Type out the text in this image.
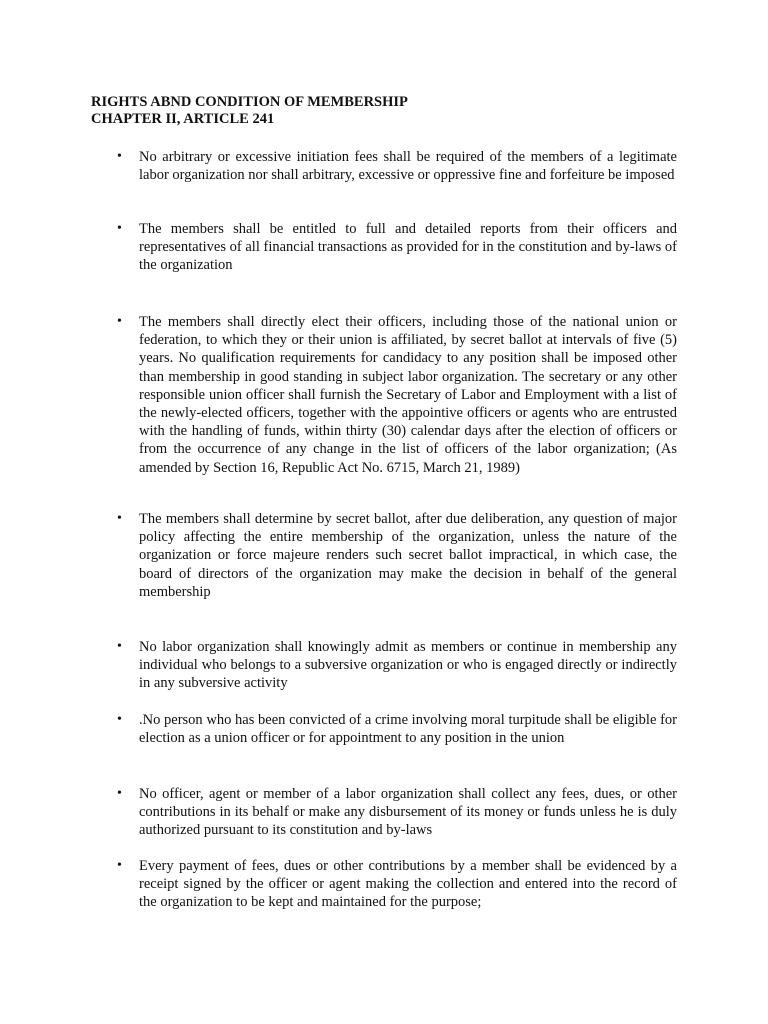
RIGHTS ABND CONDITION OF MEMBERSHIP
CHAPTER II, ARTICLE 241
• No arbitrary or excessive initiation fees shall be required of the members of a legitimate labor organization nor shall arbitrary, excessive or oppressive fine and forfeiture be imposed

• The members shall be entitled to full and detailed reports from their officers and representatives of all financial transactions as provided for in the constitution and by-laws of the organization

• The members shall directly elect their officers, including those of the national union or federation, to which they or their union is affiliated, by secret ballot at intervals of five (5) years. No qualification requirements for candidacy to any position shall be imposed other than membership in good standing in subject labor organization. The secretary or any other responsible union officer shall furnish the Secretary of Labor and Employment with a list of the newly-elected officers, together with the appointive officers or agents who are entrusted with the handling of funds, within thirty (30) calendar days after the election of officers or from the occurrence of any change in the list of officers of the labor organization; (As amended by Section 16, Republic Act No. 6715, March 21, 1989)

• The members shall determine by secret ballot, after due deliberation, any question of major policy affecting the entire membership of the organization, unless the nature of the organization or force majeure renders such secret ballot impractical, in which case, the board of directors of the organization may make the decision in behalf of the general membership

• No labor organization shall knowingly admit as members or continue in membership any individual who belongs to a subversive organization or who is engaged directly or indirectly in any subversive activity

• .No person who has been convicted of a crime involving moral turpitude shall be eligible for election as a union officer or for appointment to any position in the union

• No officer, agent or member of a labor organization shall collect any fees, dues, or other contributions in its behalf or make any disbursement of its money or funds unless he is duly authorized pursuant to its constitution and by-laws

• Every payment of fees, dues or other contributions by a member shall be evidenced by a receipt signed by the officer or agent making the collection and entered into the record of the organization to be kept and maintained for the purpose;
